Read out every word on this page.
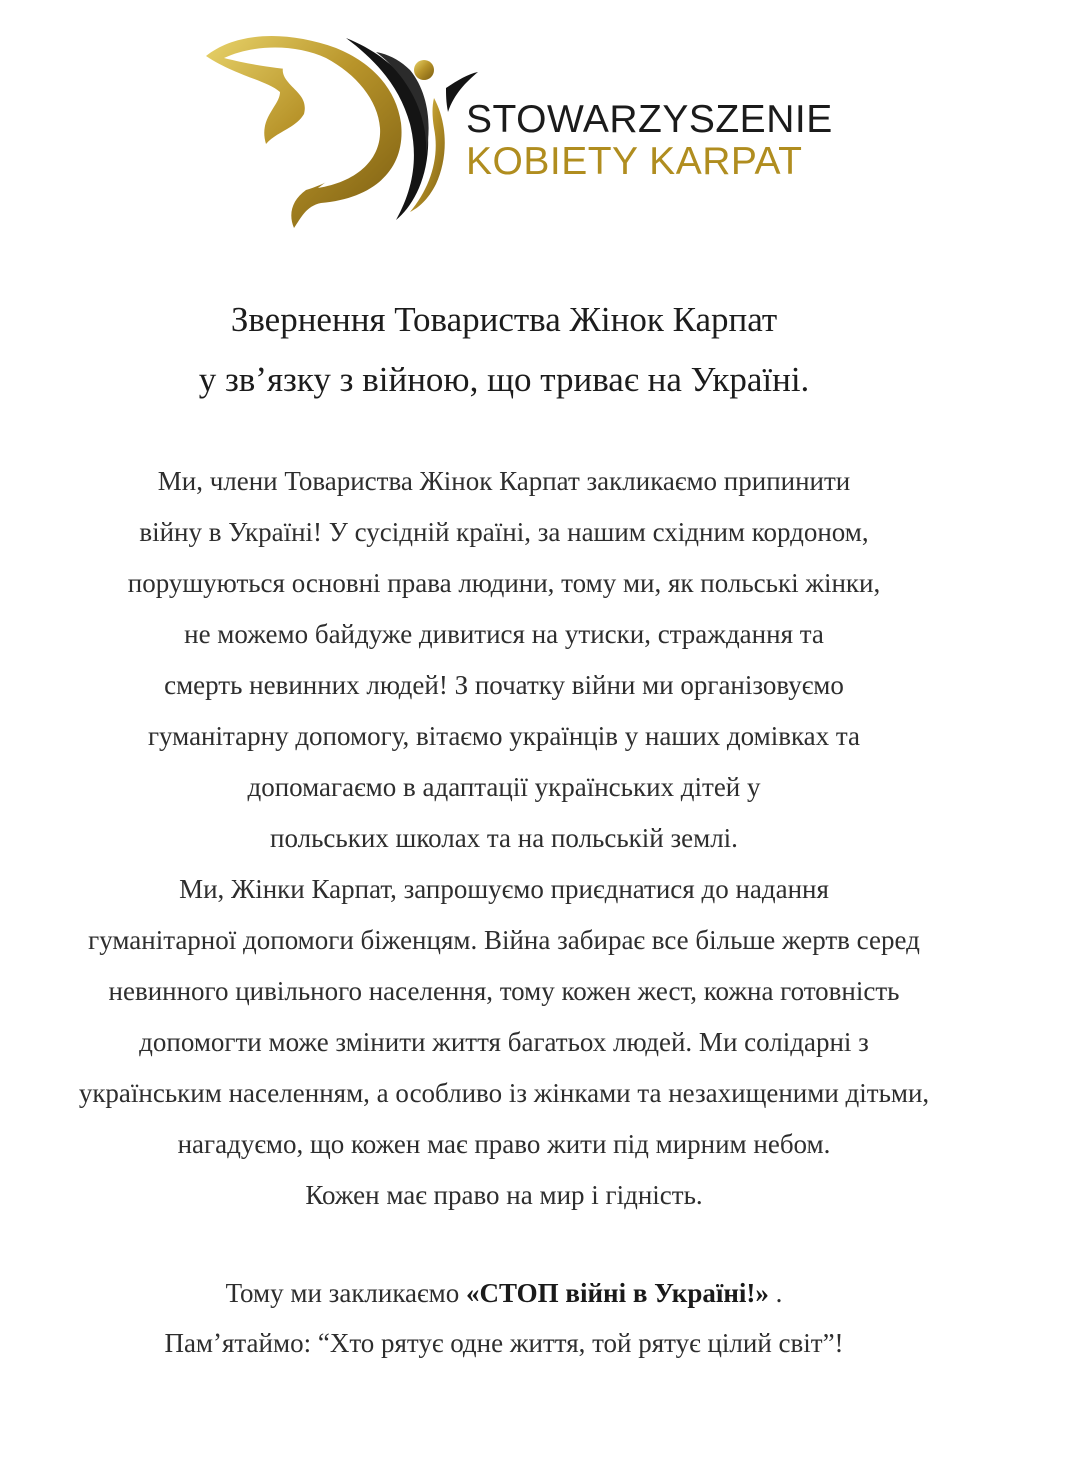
STOWARZYSZENIE
KOBIETY KARPAT
Звернення Товариства Жінок Карпат
у звʼязку з війною, що триває на Україні.
Ми, члени Товариства Жінок Карпат закликаємо припинити
війну в Україні! У сусідній країні, за нашим східним кордоном,
порушуються основні права людини, тому ми, як польські жінки,
не можемо байдуже дивитися на утиски, страждання та
смерть невинних людей! З початку війни ми організовуємо
гуманітарну допомогу, вітаємо українців у наших домівках та
допомагаємо в адаптації українських дітей у
польських школах та на польській землі.
Ми, Жінки Карпат, запрошуємо приєднатися до надання
гуманітарної допомоги біженцям. Війна забирає все більше жертв серед
невинного цивільного населення, тому кожен жест, кожна готовність
допомогти може змінити життя багатьох людей. Ми солідарні з
українським населенням, а особливо із жінками та незахищеними дітьми,
нагадуємо, що кожен має право жити під мирним небом.
Кожен має право на мир і гідність.
Тому ми закликаємо «СТОП війні в Україні!» .
Памʼятаймо: “Хто рятує одне життя, той рятує цілий світ”!
